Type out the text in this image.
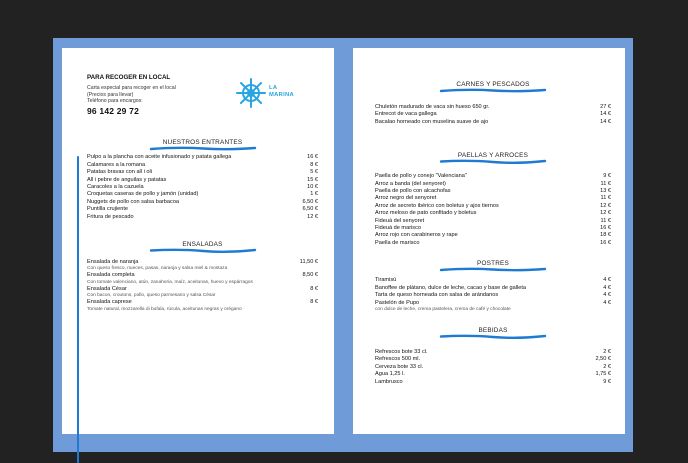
PARA RECOGER EN LOCAL
Carta especial para recoger en el local
(Precios para llevar)
Teléfono para encargos:
96 142 29 72
LA
MARINA
NUESTROS ENTRANTES
Pulpo a la plancha con aceite infusionado y patata gallega	16 €
Calamares a la romana	8 €
Patatas bravas con all i oli	5 €
All i pebre de anguilas y patatas	15 €
Caracoles a la cazuela	10 €
Croquetas caseras de pollo y jamón (unidad)	1 €
Nuggets de pollo con salsa barbacoa	6,50 €
Puntilla crujiente	6,50 €
Fritura de pescado	12 €
ENSALADAS
Ensalada de naranja	11,50 €
Con queso fresco, nueces, pasas, naranja y salsa miel & mostaza
Ensalada completa	8,50 €
Con tomate valenciano, atún, zanahoria, maíz, aceitunas, huevo y espárragos
Ensalada César	8 €
Con bacon, croutons, pollo, queso parmesano y salsa César
Ensalada caprese	8 €
Tomate natural, mozzarella di bufala, rúcula, aceitunas negras y orégano
CARNES Y PESCADOS
Chuletón madurado de vaca sin hueso 650 gr.	27 €
Entrecot de vaca gallega	14 €
Bacalao horneado con muselina suave de ajo	14 €
PAELLAS Y ARROCES
Paella de pollo y conejo "Valenciana"	9 €
Arroz a banda (del senyoret)	11 €
Paella de pollo con alcachofas	13 €
Arroz negro del senyoret	11 €
Arroz de secreto ibérico con boletus y ajos tiernos	12 €
Arroz meloso de pato confitado y boletus	12 €
Fideuá del senyoret	11 €
Fideuá de marisco	16 €
Arroz rojo con carabineros y rape	18 €
Paella de marisco	16 €
POSTRES
Tiramisú	4 €
Banoffee de plátano, dulce de leche, cacao y base de galleta	4 €
Tarta de queso horneada con salsa de arándanos	4 €
Pastelón de Pupo	4 €
con dulce de leche, crema pastelera, crema de café y chocolate
BEBIDAS
Refrescos bote 33 cl.	2 €
Refrescos 500 ml.	2,50 €
Cerveza bote 33 cl.	2 €
Agua 1,25 l.	1,75 €
Lambrusco	9 €
